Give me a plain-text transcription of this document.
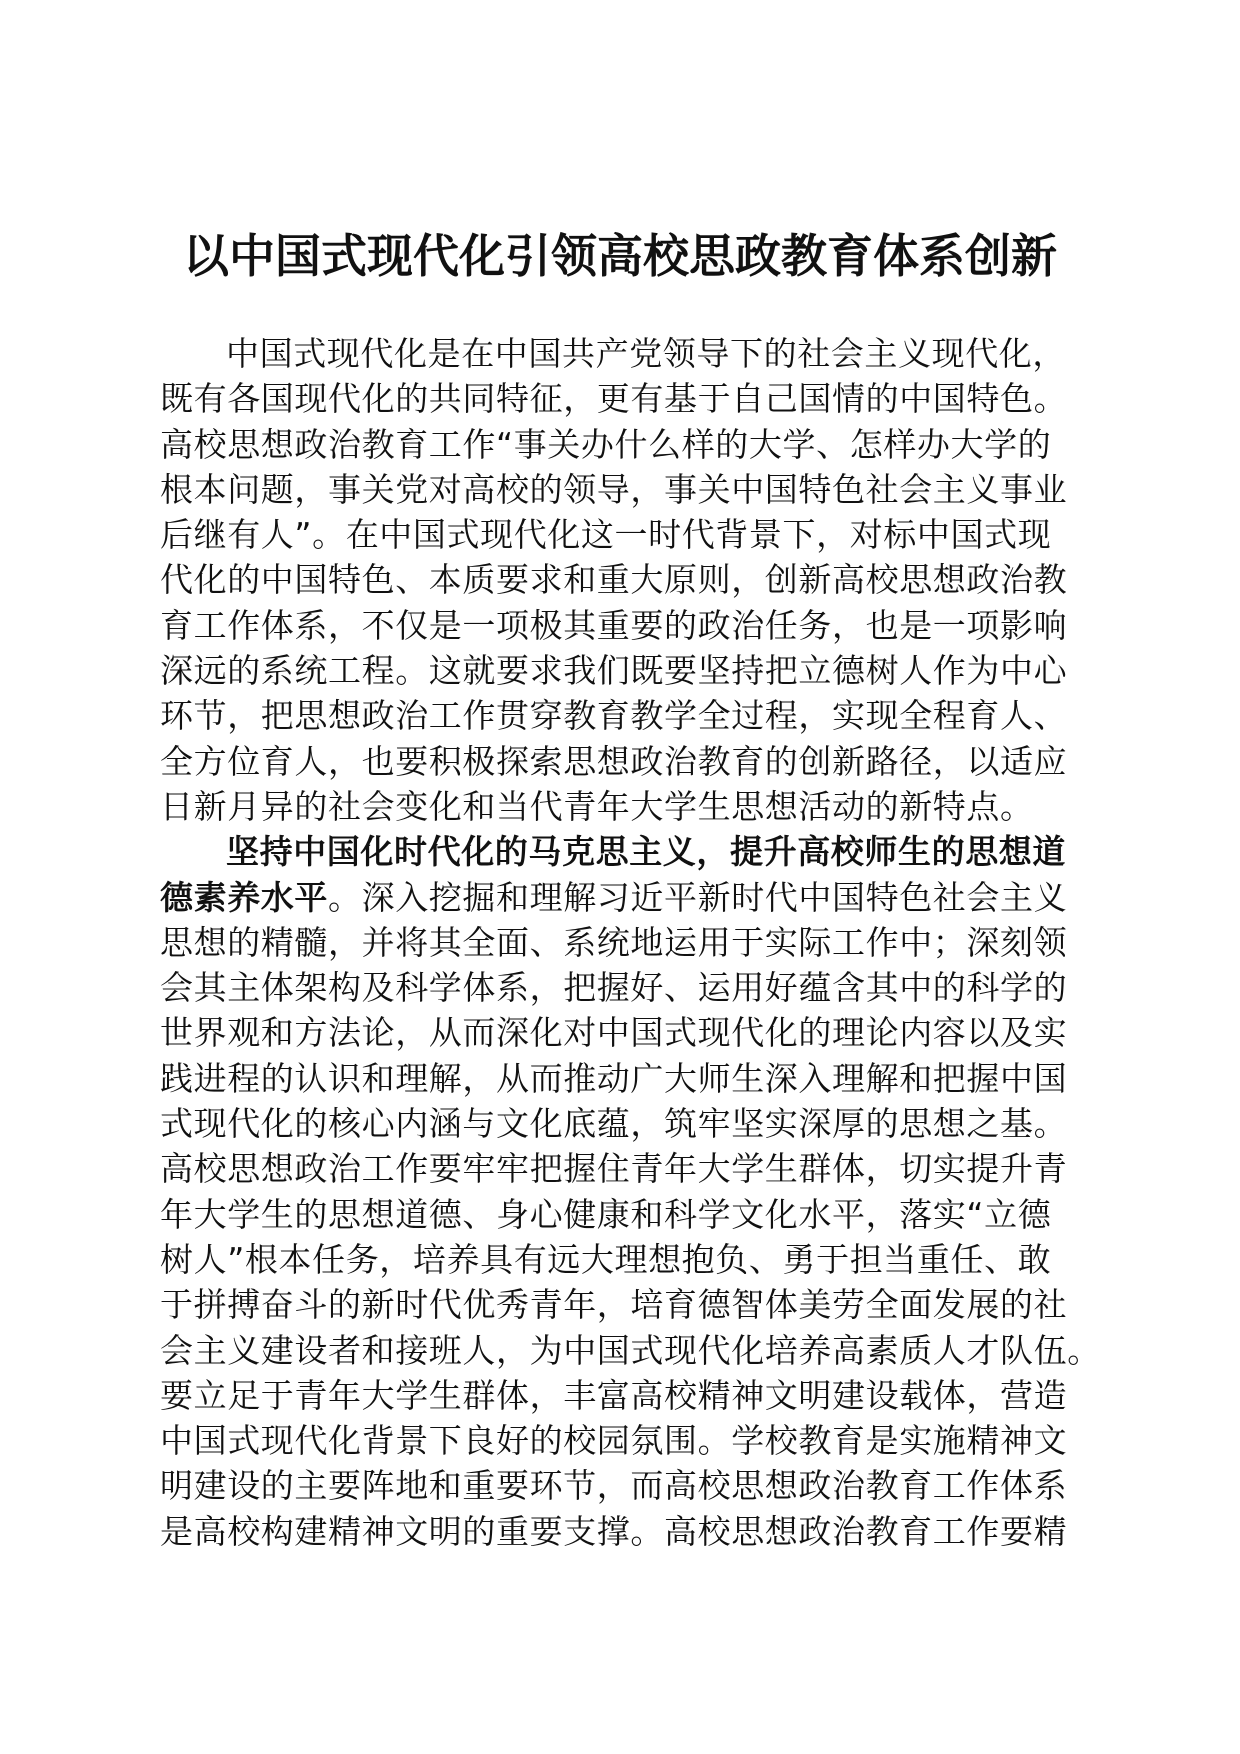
以中国式现代化引领高校思政教育体系创新
中国式现代化是在中国共产党领导下的社会主义现代化，
既有各国现代化的共同特征，更有基于自己国情的中国特色。
高校思想政治教育工作“事关办什么样的大学、怎样办大学的
根本问题，事关党对高校的领导，事关中国特色社会主义事业
后继有人”。在中国式现代化这一时代背景下，对标中国式现
代化的中国特色、本质要求和重大原则，创新高校思想政治教
育工作体系，不仅是一项极其重要的政治任务，也是一项影响
深远的系统工程。这就要求我们既要坚持把立德树人作为中心
环节，把思想政治工作贯穿教育教学全过程，实现全程育人、
全方位育人，也要积极探索思想政治教育的创新路径，以适应
日新月异的社会变化和当代青年大学生思想活动的新特点。
坚持中国化时代化的马克思主义，提升高校师生的思想道
德素养水平。深入挖掘和理解习近平新时代中国特色社会主义
思想的精髓，并将其全面、系统地运用于实际工作中；深刻领
会其主体架构及科学体系，把握好、运用好蕴含其中的科学的
世界观和方法论，从而深化对中国式现代化的理论内容以及实
践进程的认识和理解，从而推动广大师生深入理解和把握中国
式现代化的核心内涵与文化底蕴，筑牢坚实深厚的思想之基。
高校思想政治工作要牢牢把握住青年大学生群体，切实提升青
年大学生的思想道德、身心健康和科学文化水平，落实“立德
树人”根本任务，培养具有远大理想抱负、勇于担当重任、敢
于拼搏奋斗的新时代优秀青年，培育德智体美劳全面发展的社
会主义建设者和接班人，为中国式现代化培养高素质人才队伍。
要立足于青年大学生群体，丰富高校精神文明建设载体，营造
中国式现代化背景下良好的校园氛围。学校教育是实施精神文
明建设的主要阵地和重要环节，而高校思想政治教育工作体系
是高校构建精神文明的重要支撑。高校思想政治教育工作要精
